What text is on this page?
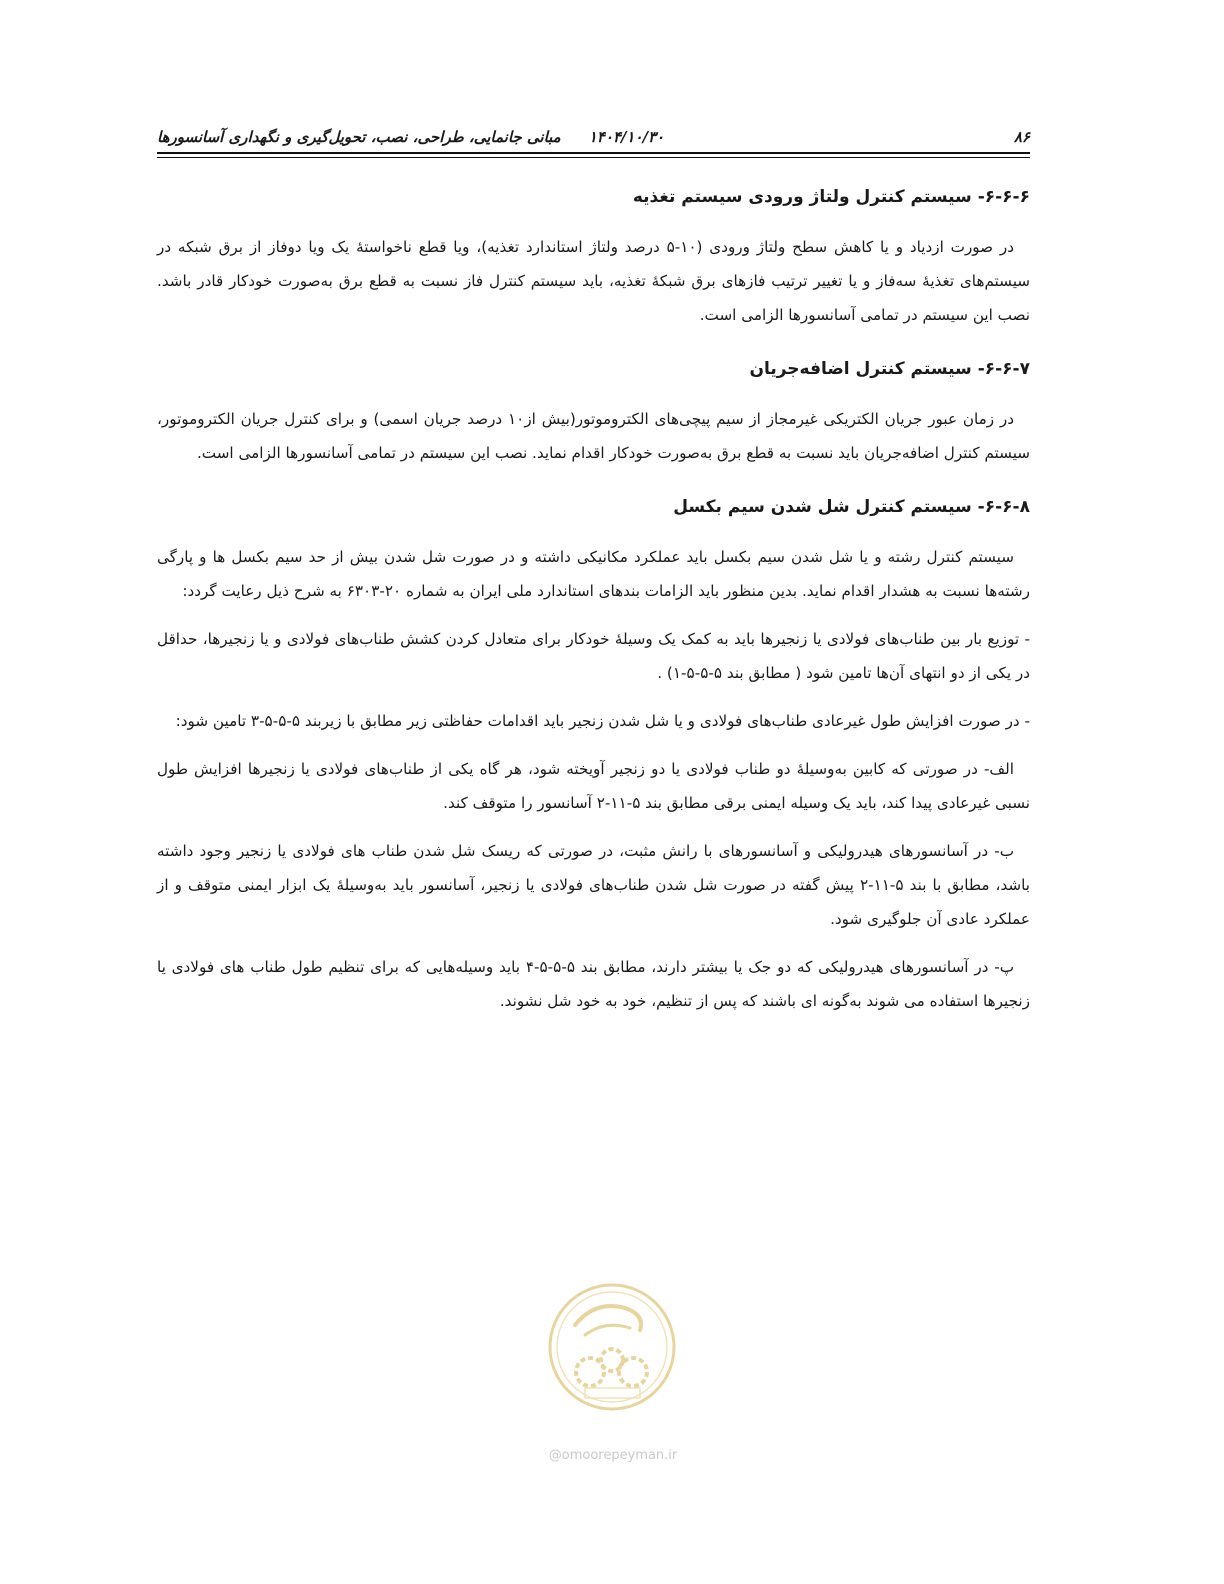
۸۶
۱۴۰۴/۱۰/۳۰
مبانی جانمایی، طراحی، نصب، تحویل‌گیری و نگهداری آسانسورها
۶-۶-۶- سیستم کنترل ولتاژ ورودی سیستم تغذیه

در صورت ازدیاد و یا کاهش سطح ولتاژ ورودی (۱۰-۵ درصد ولتاژ استاندارد تغذیه)، ویا قطع ناخواستهٔ یک ویا دوفاز از برق شبکه در سیستم‌های تغذیهٔ سه‌فاز و یا تغییر ترتیب فازهای برق شبکهٔ تغذیه، باید سیستم کنترل فاز نسبت به قطع برق به‌صورت خودکار قادر باشد. نصب این سیستم در تمامی آسانسورها الزامی است.

۶-۶-۷- سیستم کنترل اضافه‌جریان

در زمان عبور جریان الکتریکی غیرمجاز از سیم پیچی‌های الکتروموتور(بیش از۱۰ درصد جریان اسمی) و برای کنترل جریان الکتروموتور، سیستم کنترل اضافه‌جریان باید نسبت به قطع برق به‌صورت خودکار اقدام نماید. نصب این سیستم در تمامی آسانسورها الزامی است.

۶-۶-۸- سیستم کنترل شل شدن سیم بکسل

سیستم کنترل رشته و یا شل شدن سیم بکسل باید عملکرد مکانیکی داشته و در صورت شل شدن بیش از حد سیم بکسل ها و پارگی رشته‌ها نسبت به هشدار اقدام نماید. بدین منظور باید الزامات بندهای استاندارد ملی ایران به شماره ۲۰-۶۳۰۳ به شرح ذیل رعایت گردد:

- توزیع بار بین طناب‌های فولادی یا زنجیرها باید به کمک یک وسیلهٔ خودکار برای متعادل کردن کشش طناب‌های فولادی و یا زنجیرها، حداقل در یکی از دو انتهای آن‌ها تامین شود ( مطابق بند ۵-۵-۵-۱) .

- در صورت افزایش طول غیرعادی طناب‌های فولادی و یا شل شدن زنجیر باید اقدامات حفاظتی زیر مطابق با زیربند ۵-۵-۵-۳ تامین شود:

الف- در صورتی که کابین به‌وسیلهٔ دو طناب فولادی یا دو زنجیر آویخته شود، هر گاه یکی از طناب‌های فولادی یا زنجیرها افزایش طول نسبی غیرعادی پیدا کند، باید یک وسیله ایمنی برقی مطابق بند ۵-۱۱-۲ آسانسور را متوقف کند.

ب- در آسانسورهای هیدرولیکی و آسانسورهای با رانش مثبت، در صورتی که ریسک شل شدن طناب های فولادی یا زنجیر وجود داشته باشد، مطابق با بند ۵-۱۱-۲ پیش گفته در صورت شل شدن طناب‌های فولادی یا زنجیر، آسانسور باید به‌وسیلهٔ یک ابزار ایمنی متوقف و از عملکرد عادی آن جلوگیری شود.

پ- در آسانسورهای هیدرولیکی که دو جک یا بیشتر دارند، مطابق بند ۵-۵-۵-۴ باید وسیله‌هایی که برای تنظیم طول طناب های فولادی یا زنجیرها استفاده می شوند به‌گونه ای باشند که پس از تنظیم، خود به خود شل نشوند.

@omoorepeyman.ir
